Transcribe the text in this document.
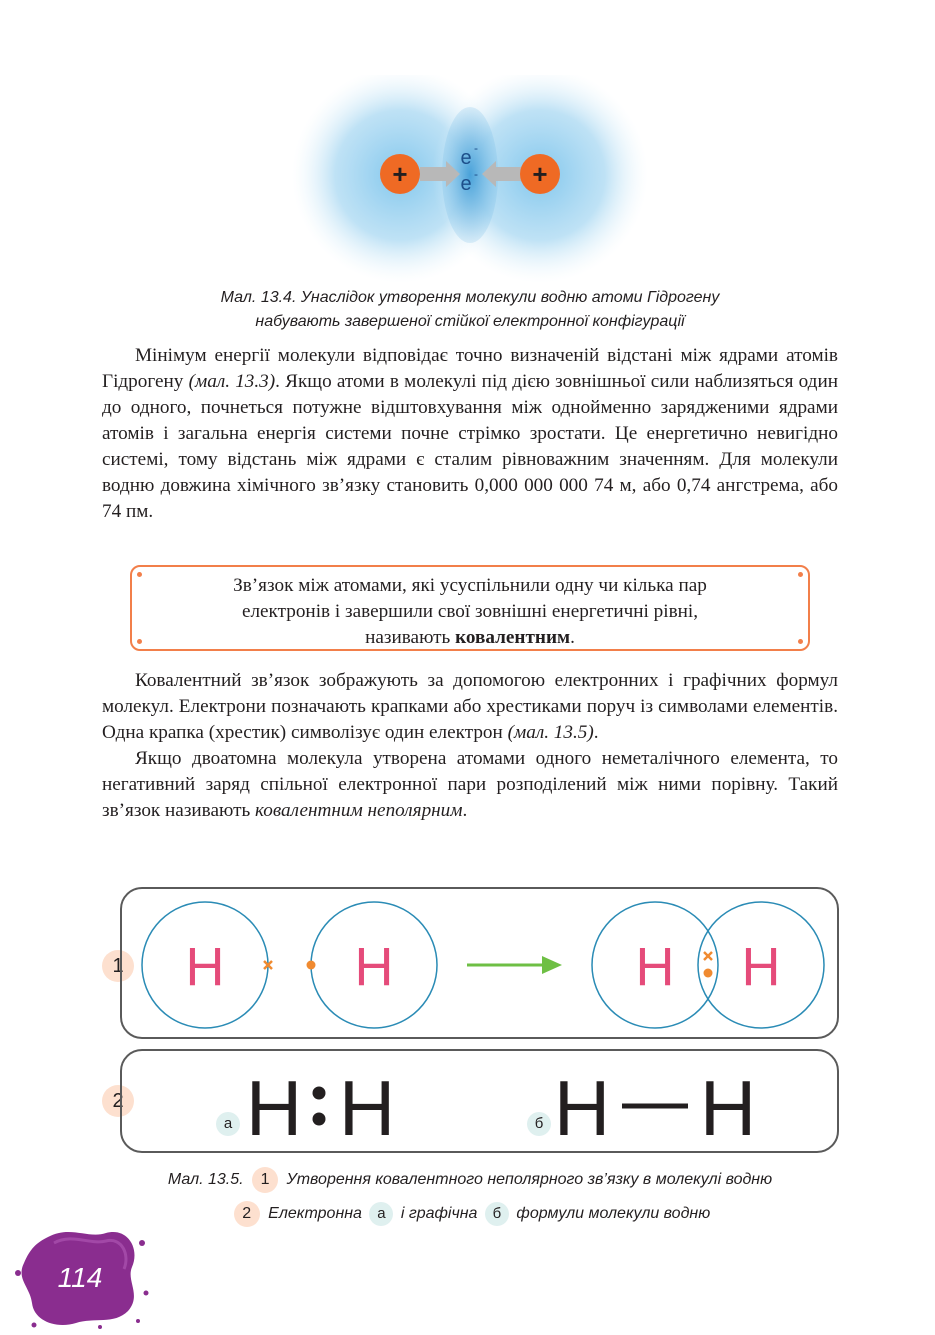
+	+
e -
e -
Мал. 13.4. Унаслідок утворення молекули водню атоми Гідрогену
набувають завершеної стійкої електронної конфігурації

Мінімум енергії молекули відповідає точно визначеній відстані між ядрами атомів Гідрогену (мал. 13.3). Якщо атоми в молекулі під дією зовнішньої сили наблизяться один до одного, почнеться потужне відштовхування між однойменно зарядженими ядрами атомів і загальна енергія системи почне стрімко зростати. Це енергетично невигідно системі, тому відстань між ядрами є сталим рівноважним значенням. Для молекули водню довжина хімічного зв’язку становить 0,000 000 000 74 м, або 0,74 ангстрема, або 74 пм.

Зв’язок між атомами, які усуспільнили одну чи кілька пар
електронів і завершили свої зовнішні енергетичні рівні,
називають ковалентним.

Ковалентний зв’язок зображують за допомогою електронних і графічних формул молекул. Електрони позначають крапками або хрестиками поруч із символами елементів. Одна крапка (хрестик) символізує один електрон (мал. 13.5).

Якщо двоатомна молекула утворена атомами одного неметалічного елемента, то негативний заряд спільної електронної пари розподілений між ними порівну. Такий зв’язок називають ковалентним неполярним.

1 H H	H H
2
а H H	б H H
Мал. 13.5. 1 Утворення ковалентного неполярного зв’язку в молекулі водню
2 Електронна а і графічна б формули молекули водню
114
